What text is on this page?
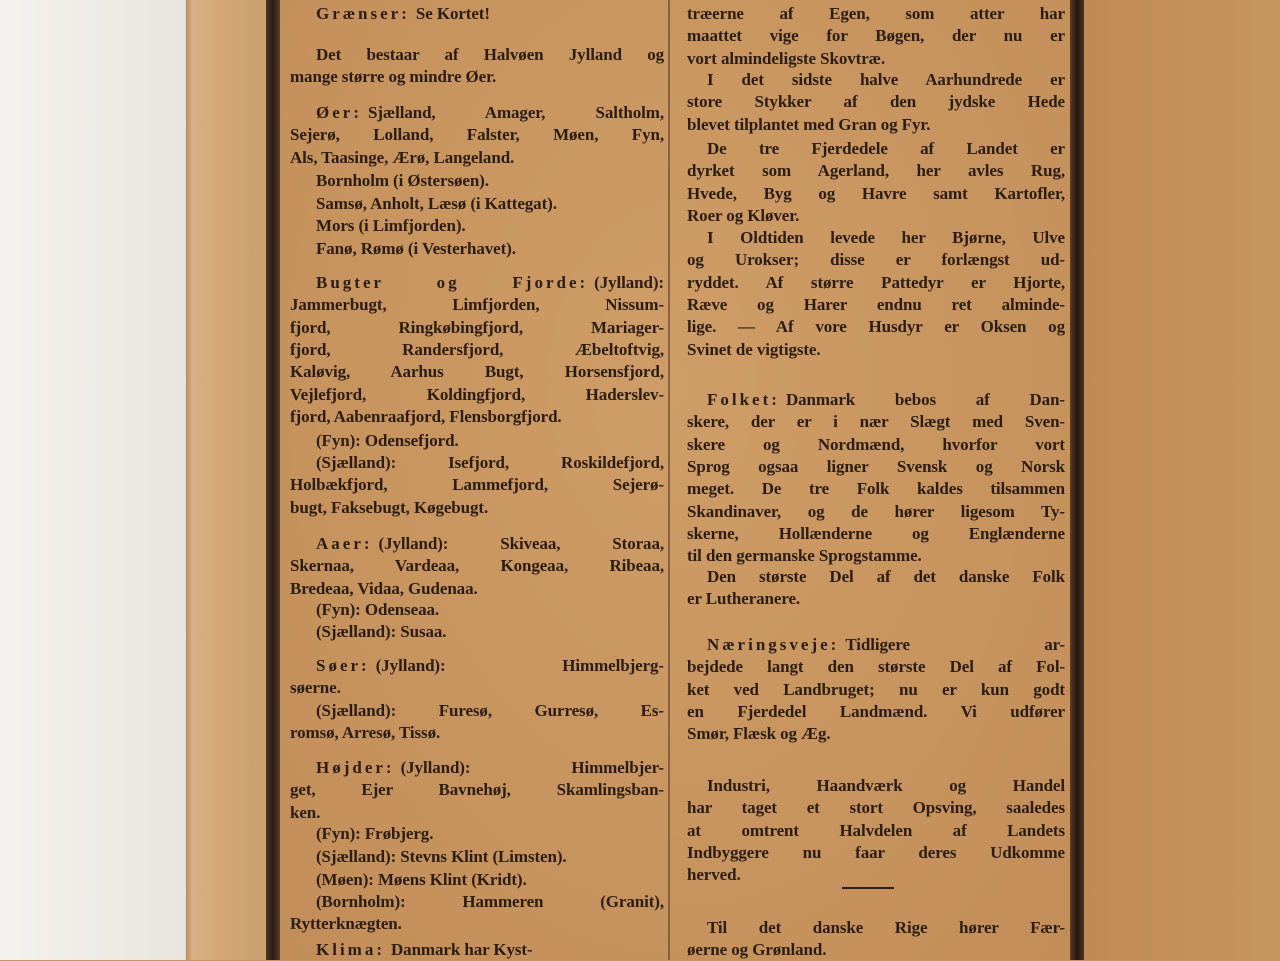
Grænser: Se Kortet!
Det bestaar af Halvøen Jylland og
mange større og mindre Øer.
Øer: Sjælland, Amager, Saltholm,
Sejerø, Lolland, Falster, Møen, Fyn,
Als, Taasinge, Ærø, Langeland.
Bornholm (i Østersøen).
Samsø, Anholt, Læsø (i Kattegat).
Mors (i Limfjorden).
Fanø, Rømø (i Vesterhavet).
Bugter og Fjorde: (Jylland):
Jammerbugt, Limfjorden, Nissum-
fjord, Ringkøbingfjord, Mariager-
fjord, Randersfjord, Æbeltoftvig,
Kaløvig, Aarhus Bugt, Horsensfjord,
Vejlefjord, Koldingfjord, Haderslev-
fjord, Aabenraafjord, Flensborgfjord.
(Fyn): Odensefjord.
(Sjælland): Isefjord, Roskildefjord,
Holbækfjord, Lammefjord, Sejerø-
bugt, Faksebugt, Køgebugt.
Aaer: (Jylland): Skiveaa, Storaa,
Skernaa, Vardeaa, Kongeaa, Ribeaa,
Bredeaa, Vidaa, Gudenaa.
(Fyn): Odenseaa.
(Sjælland): Susaa.
Søer: (Jylland): Himmelbjerg-
søerne.
(Sjælland): Furesø, Gurresø, Es-
romsø, Arresø, Tissø.
Højder: (Jylland): Himmelbjer-
get, Ejer Bavnehøj, Skamlingsban-
ken.
(Fyn): Frøbjerg.
(Sjælland): Stevns Klint (Limsten).
(Møen): Møens Klint (Kridt).
(Bornholm): Hammeren (Granit),
Rytterknægten.
Klima: Danmark har Kyst-
træerne af Egen, som atter har
maattet vige for Bøgen, der nu er
vort almindeligste Skovtræ.
I det sidste halve Aarhundrede er
store Stykker af den jydske Hede
blevet tilplantet med Gran og Fyr.
De tre Fjerdedele af Landet er
dyrket som Agerland, her avles Rug,
Hvede, Byg og Havre samt Kartofler,
Roer og Kløver.
I Oldtiden levede her Bjørne, Ulve
og Urokser; disse er forlængst ud-
ryddet. Af større Pattedyr er Hjorte,
Ræve og Harer endnu ret alminde-
lige. — Af vore Husdyr er Oksen og
Svinet de vigtigste.
Folket: Danmark bebos af Dan-
skere, der er i nær Slægt med Sven-
skere og Nordmænd, hvorfor vort
Sprog ogsaa ligner Svensk og Norsk
meget. De tre Folk kaldes tilsammen
Skandinaver, og de hører ligesom Ty-
skerne, Hollænderne og Englænderne
til den germanske Sprogstamme.
Den største Del af det danske Folk
er Lutheranere.
Næringsveje: Tidligere ar-
bejdede langt den største Del af Fol-
ket ved Landbruget; nu er kun godt
en Fjerdedel Landmænd. Vi udfører
Smør, Flæsk og Æg.
Industri, Haandværk og Handel
har taget et stort Opsving, saaledes
at omtrent Halvdelen af Landets
Indbyggere nu faar deres Udkomme
herved.
Til det danske Rige hører Fær-
øerne og Grønland.
